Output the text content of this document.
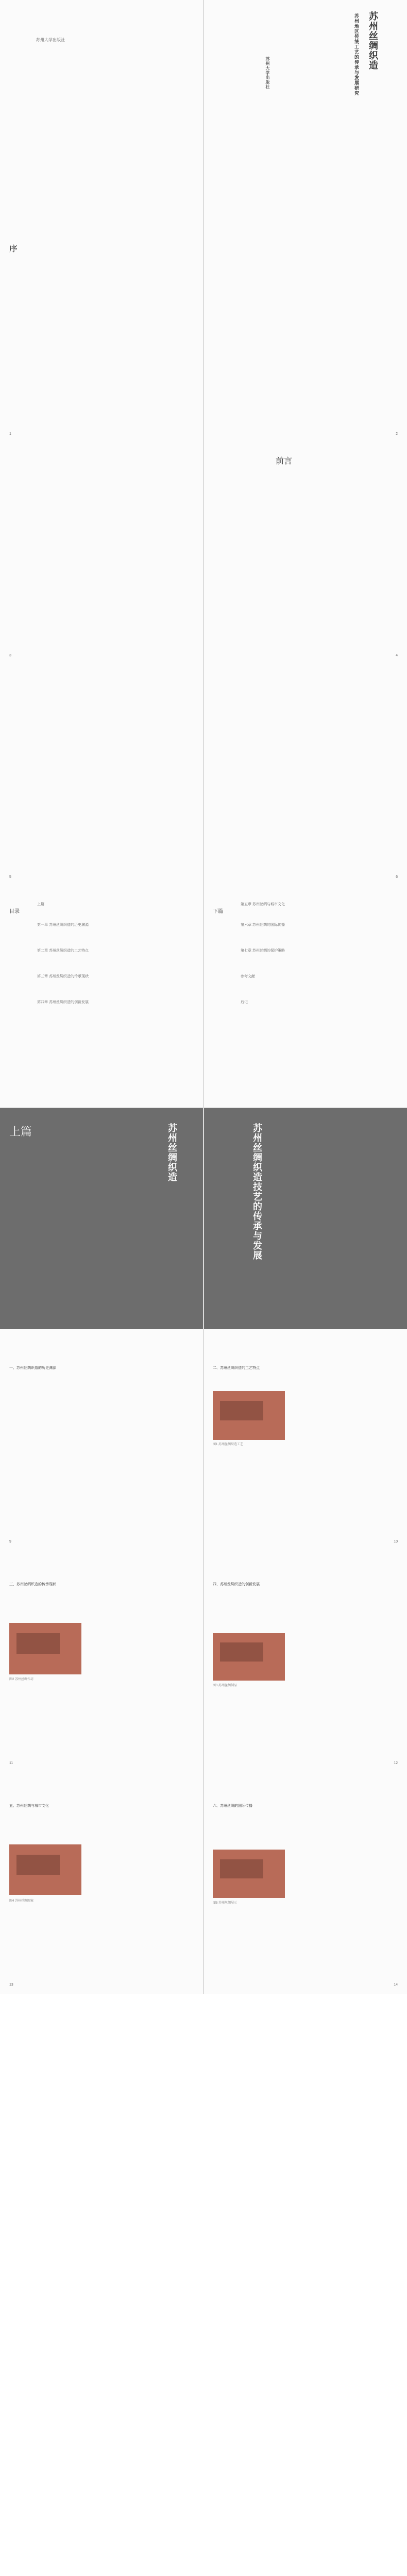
苏州大学出版社	苏州丝绸织造
苏州地区传统工艺的传承与发展研究
苏州大学出版社
序
1	2
3
前言
4
5	6
目录
上篇
第一章 苏州丝绸织造的历史渊源
第二章 苏州丝绸织造的工艺特点
第三章 苏州丝绸织造的传承现状
第四章 苏州丝绸织造的创新发展
下篇
第五章 苏州丝绸与城市文化
第六章 苏州丝绸的国际传播
第七章 苏州丝绸的保护策略
参考文献
后记
上篇	苏州丝绸织造	苏州丝绸织造技艺的传承与发展
一、苏州丝绸织造的历史渊源
9
二、苏州丝绸织造的工艺特点
图1 苏州丝绸织造工艺
10
三、苏州丝绸织造的传承现状
图2 苏州丝绸作坊
11
四、苏州丝绸织造的创新发展
图3 苏州丝绸制品
12
五、苏州丝绸与城市文化
图4 苏州丝绸图案
13
六、苏州丝绸的国际传播
图5 苏州丝绸展示
14
